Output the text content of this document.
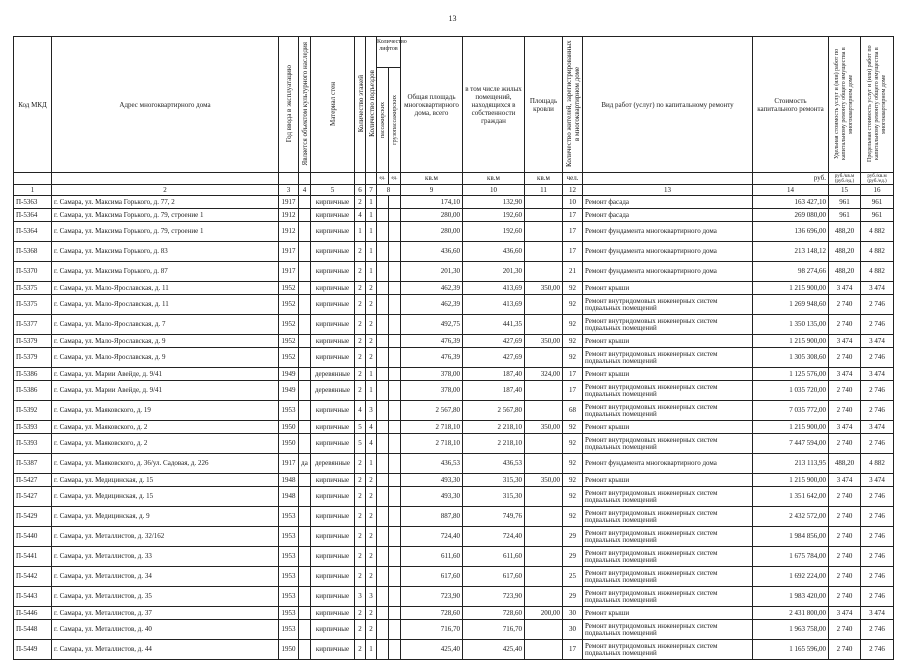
13
Код МКД	Адрес многоквартирного дома	Год ввода в эксплуатацию	Является объектом культурного наследия	Материал стен	Количество этажей	Количество подъездов	Количество лифтов
пассажирских грузопассажирских		Общая площадь многоквартирного дома, всего	в том числе жилых помещений, находящихся в собственности граждан	Площадь кровли	Количество жителей, зарегистрированных в многоквартирном доме	Вид работ (услуг) по капитальному ремонту	Стоимость капитального ремонта	Удельная стоимость услуг и (или) работ по капитальному ремонту общего имущества в многоквартирном доме	Предельная стоимость услуг и (или) работ по капитальному ремонту общего имущества в многоквартирном доме
							ед.	ед.	кв.м	кв.м	кв.м	чел.		руб.	руб./кв.м (руб./ед.)	руб./кв.м (руб./ед.)
1	2	3	4	5	6	7	8		9	10	11	12	13	14	15	16
П-5363	г. Самара, ул. Максима Горького, д. 77, 2	1917		кирпичные	2	1			174,10	132,90		10	Ремонт фасада	163 427,10	961	961
П-5364	г. Самара, ул. Максима Горького, д. 79, строение 1	1912		кирпичные	4	1			280,00	192,60		17	Ремонт фасада	269 080,00	961	961
П-5364	г. Самара, ул. Максима Горького, д. 79, строение 1	1912		кирпичные	1	1			280,00	192,60		17	Ремонт фундамента многоквартирного дома	136 696,00	488,20	4 882
П-5368	г. Самара, ул. Максима Горького, д. 83	1917		кирпичные	2	1			436,60	436,60		17	Ремонт фундамента многоквартирного дома	213 148,12	488,20	4 882
П-5370	г. Самара, ул. Максима Горького, д. 87	1917		кирпичные	2	1			201,30	201,30		21	Ремонт фундамента многоквартирного дома	98 274,66	488,20	4 882
П-5375	г. Самара, ул. Мало-Ярославская, д. 11	1952		кирпичные	2	2			462,39	413,69	350,00	92	Ремонт крыши	1 215 900,00	3 474	3 474
П-5375	г. Самара, ул. Мало-Ярославская, д. 11	1952		кирпичные	2	2			462,39	413,69		92	Ремонт внутридомовых инженерных систем подвальных помещений	1 269 948,60	2 740	2 746
П-5377	г. Самара, ул. Мало-Ярославская, д. 7	1952		кирпичные	2	2			492,75	441,35		92	Ремонт внутридомовых инженерных систем подвальных помещений	1 350 135,00	2 740	2 746
П-5379	г. Самара, ул. Мало-Ярославская, д. 9	1952		кирпичные	2	2			476,39	427,69	350,00	92	Ремонт крыши	1 215 900,00	3 474	3 474
П-5379	г. Самара, ул. Мало-Ярославская, д. 9	1952		кирпичные	2	2			476,39	427,69		92	Ремонт внутридомовых инженерных систем подвальных помещений	1 305 308,60	2 740	2 746
П-5386	г. Самара, ул. Марии Авейде, д. 9/41	1949		деревянные	2	1			378,00	187,40	324,00	17	Ремонт крыши	1 125 576,00	3 474	3 474
П-5386	г. Самара, ул. Марии Авейде, д. 9/41	1949		деревянные	2	1			378,00	187,40		17	Ремонт внутридомовых инженерных систем подвальных помещений	1 035 720,00	2 740	2 746
П-5392	г. Самара, ул. Маяковского, д. 19	1953		кирпичные	4	3			2 567,80	2 567,80		68	Ремонт внутридомовых инженерных систем подвальных помещений	7 035 772,00	2 740	2 746
П-5393	г. Самара, ул. Маяковского, д. 2	1950		кирпичные	5	4			2 718,10	2 218,10	350,00	92	Ремонт крыши	1 215 900,00	3 474	3 474
П-5393	г. Самара, ул. Маяковского, д. 2	1950		кирпичные	5	4			2 718,10	2 218,10		92	Ремонт внутридомовых инженерных систем подвальных помещений	7 447 594,00	2 740	2 746
П-5387	г. Самара, ул. Маяковского, д. 36/ул. Садовая, д. 226	1917	да	деревянные	2	1			436,53	436,53		92	Ремонт фундамента многоквартирного дома	213 113,95	488,20	4 882
П-5427	г. Самара, ул. Медицинская, д. 15	1948		кирпичные	2	2			493,30	315,30	350,00	92	Ремонт крыши	1 215 900,00	3 474	3 474
П-5427	г. Самара, ул. Медицинская, д. 15	1948		кирпичные	2	2			493,30	315,30		92	Ремонт внутридомовых инженерных систем подвальных помещений	1 351 642,00	2 740	2 746
П-5429	г. Самара, ул. Медицинская, д. 9	1953		кирпичные	2	2			887,80	749,76		92	Ремонт внутридомовых инженерных систем подвальных помещений	2 432 572,00	2 740	2 746
П-5440	г. Самара, ул. Металлистов, д. 32/162	1953		кирпичные	2	2			724,40	724,40		29	Ремонт внутридомовых инженерных систем подвальных помещений	1 984 856,00	2 740	2 746
П-5441	г. Самара, ул. Металлистов, д. 33	1953		кирпичные	2	2			611,60	611,60		29	Ремонт внутридомовых инженерных систем подвальных помещений	1 675 784,00	2 740	2 746
П-5442	г. Самара, ул. Металлистов, д. 34	1953		кирпичные	2	2			617,60	617,60		25	Ремонт внутридомовых инженерных систем подвальных помещений	1 692 224,00	2 740	2 746
П-5443	г. Самара, ул. Металлистов, д. 35	1953		кирпичные	3	3			723,90	723,90		29	Ремонт внутридомовых инженерных систем подвальных помещений	1 983 420,00	2 740	2 746
П-5446	г. Самара, ул. Металлистов, д. 37	1953		кирпичные	2	2			728,60	728,60	200,00	30	Ремонт крыши	2 431 800,00	3 474	3 474
П-5448	г. Самара, ул. Металлистов, д. 40	1953		кирпичные	2	2			716,70	716,70		30	Ремонт внутридомовых инженерных систем подвальных помещений	1 963 758,00	2 740	2 746
П-5449	г. Самара, ул. Металлистов, д. 44	1950		кирпичные	2	1			425,40	425,40		17	Ремонт внутридомовых инженерных систем подвальных помещений	1 165 596,00	2 740	2 746
